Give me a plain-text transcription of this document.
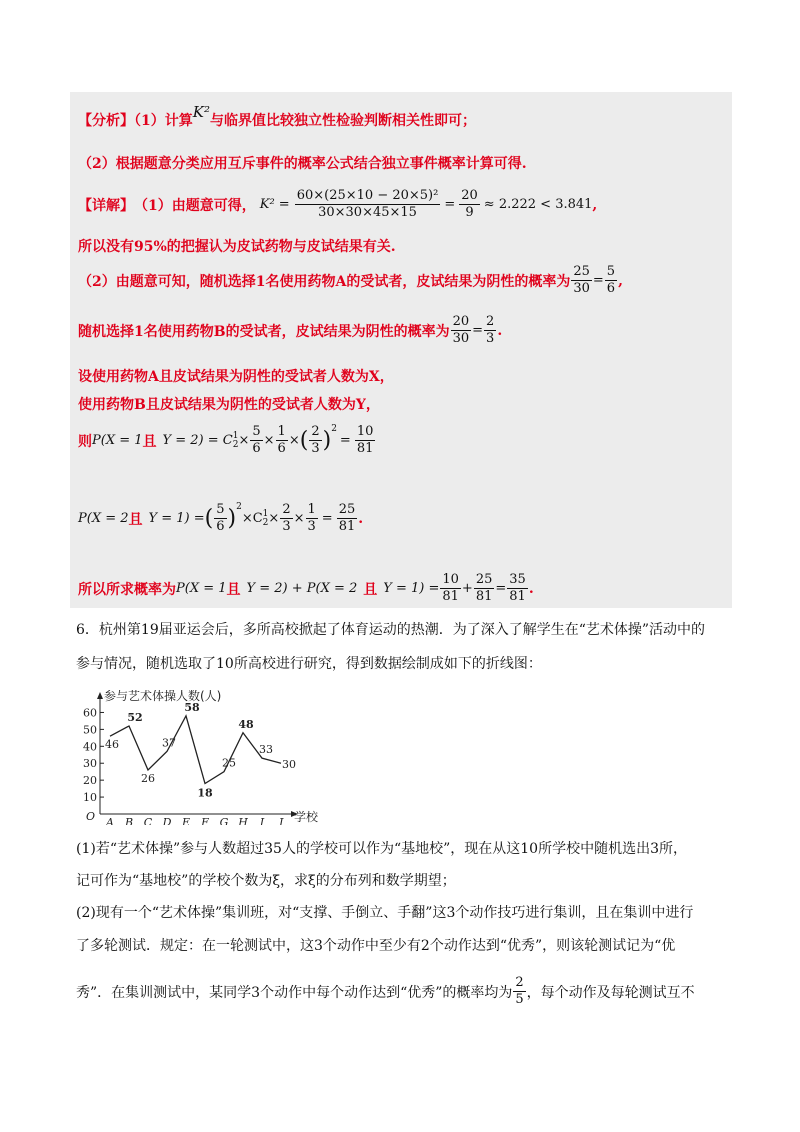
【分析】（1）计算K²与临界值比较独立性检验判断相关性即可；
（2）根据题意分类应用互斥事件的概率公式结合独立事件概率计算可得.
【详解】 （1）由题意可得， $K^2 = \frac{\text{60×(25×10 − 20×5)²}}{30\times 30\times 45\times 15} = \frac{20}{9} \approx 2.222 < 3.841$ ,
所以没有95%的把握认为皮试药物与皮试结果有关.
（2）由题意可知，随机选择1名使用药物A的受试者，皮试结果为阴性的概率为 $\frac{25}{30} = \frac{5}{6}$ ,
随机选择1名使用药物B的受试者，皮试结果为阴性的概率为 $\frac{20}{30} = \frac{2}{3}$ .
设使用药物A且皮试结果为阴性的受试者人数为X，
使用药物B且皮试结果为阴性的受试者人数为Y，
则 P(X = 1 且 Y = 2) = C 1
$2 \times \frac{5}{6} \times \frac{1}{6}$ × ( $\frac{2}{3}$ ) 2
= $\frac{10}{81}$
P(X = 2 且 Y = 1) = ( $\frac{5}{6}$ ) 2
×C 1
$2 \times \frac{2}{3} \times \frac{1}{3} = \frac{25}{81}$ .
所以所求概率为 P(X = 1 且 Y = 2) + P(X = 2 且 $Y = 1) = \frac{10}{81} + \frac{25}{81} = \frac{35}{81}$ .
6．杭州第19届亚运会后，多所高校掀起了体育运动的热潮．为了深入了解学生在“艺术体操”活动中的
参与情况，随机选取了10所高校进行研究，得到数据绘制成如下的折线图：
参与艺术体操人数(人)
O	学校
10
20
30
40
50
60
A B C D E F G H I J
46
52
26
37
58
18
25
48
33
30
(1)若“艺术体操”参与人数超过35人的学校可以作为“基地校”，现在从这10所学校中随机选出3所，
记可作为“基地校”的学校个数为ξ，求ξ的分布列和数学期望；
(2)现有一个“艺术体操”集训班，对“支撑、手倒立、手翻”这3个动作技巧进行集训，且在集训中进行
了多轮测试．规定：在一轮测试中，这3个动作中至少有2个动作达到“优秀”，则该轮测试记为“优
秀”．在集训测试中，某同学3个动作中每个动作达到“优秀”的概率均为 $\frac{2}{5}$ ，每个动作及每轮测试互不
